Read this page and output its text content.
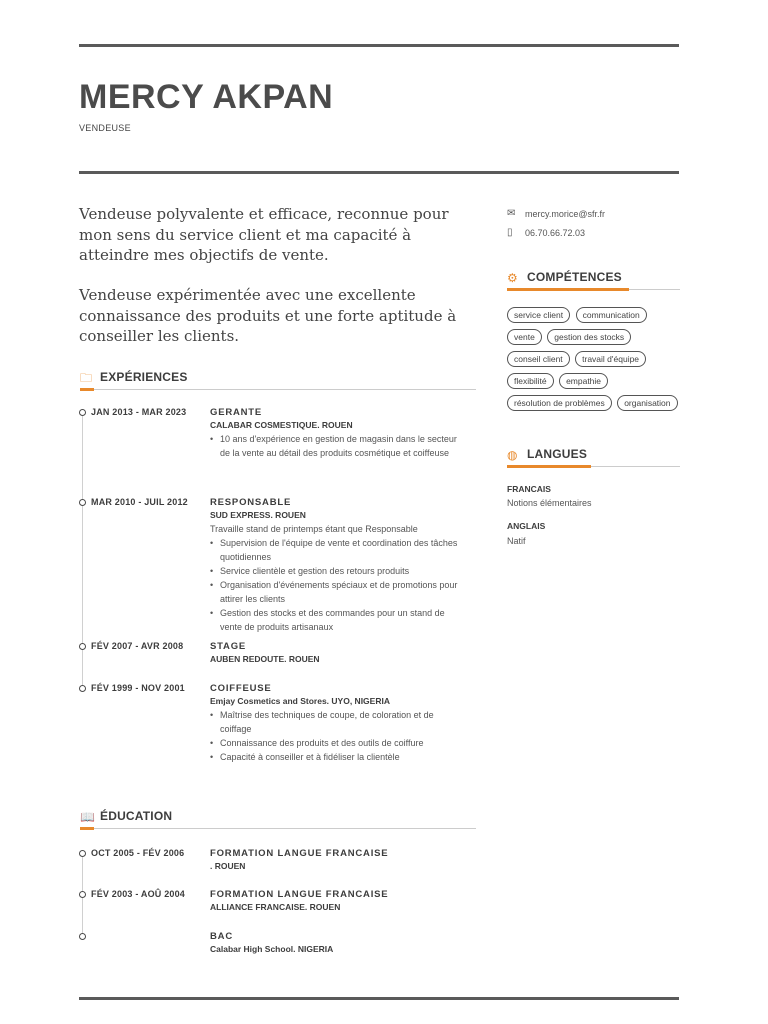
MERCY AKPAN
VENDEUSE

Vendeuse polyvalente et efficace, reconnue pour mon sens du service client et ma capacité à atteindre mes objectifs de vente.

Vendeuse expérimentée avec une excellente connaissance des produits et une forte aptitude à conseiller les clients.

✉ mercy.morice@sfr.fr
▯ 06.70.66.72.03
⚙ COMPÉTENCES
service client communication vente gestion des stocks conseil client travail d'équipe flexibilité empathie résolution de problèmes organisation
◍ LANGUES
FRANCAIS
Notions élémentaires
ANGLAIS
Natif
🗀 EXPÉRIENCES
JAN 2013 - MAR 2023 GERANTE
CALABAR COSMESTIQUE. ROUEN
• 10 ans d'expérience en gestion de magasin dans le secteur de la vente au détail des produits cosmétique et coiffeuse
MAR 2010 - JUIL 2012 RESPONSABLE
SUD EXPRESS. ROUEN
Travaille stand de printemps étant que Responsable
• Supervision de l'équipe de vente et coordination des tâches quotidiennes
• Service clientèle et gestion des retours produits
• Organisation d'événements spéciaux et de promotions pour attirer les clients
• Gestion des stocks et des commandes pour un stand de vente de produits artisanaux
FÉV 2007 - AVR 2008	STAGE
AUBEN REDOUTE. ROUEN
FÉV 1999 - NOV 2001	COIFFEUSE
Emjay Cosmetics and Stores. UYO, NIGERIA
• Maîtrise des techniques de coupe, de coloration et de coiffage
• Connaissance des produits et des outils de coiffure
• Capacité à conseiller et à fidéliser la clientèle
📖 ÉDUCATION
OCT 2005 - FÉV 2006	FORMATION LANGUE FRANCAISE
. ROUEN
FÉV 2003 - AOÛ 2004	FORMATION LANGUE FRANCAISE
ALLIANCE FRANCAISE. ROUEN
BAC
Calabar High School. NIGERIA
